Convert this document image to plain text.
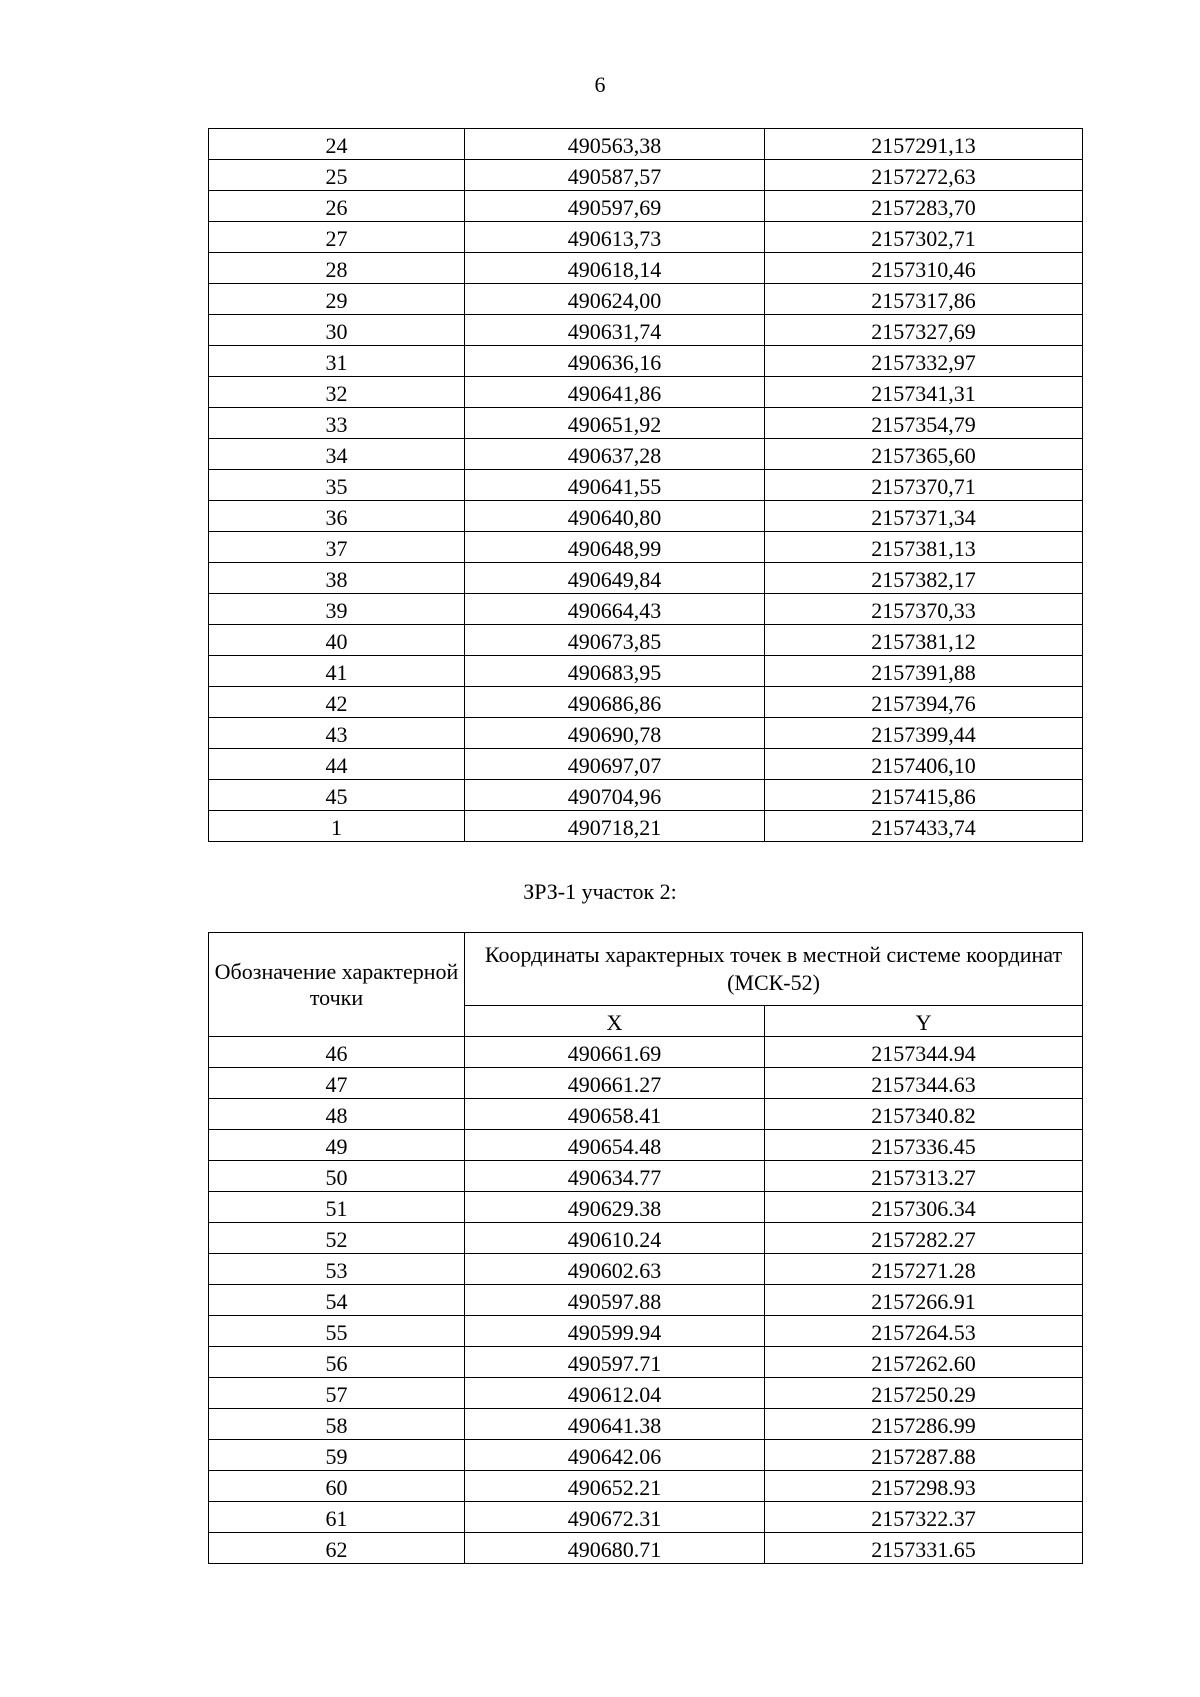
6
24	490563,38	2157291,13
25	490587,57	2157272,63
26	490597,69	2157283,70
27	490613,73	2157302,71
28	490618,14	2157310,46
29	490624,00	2157317,86
30	490631,74	2157327,69
31	490636,16	2157332,97
32	490641,86	2157341,31
33	490651,92	2157354,79
34	490637,28	2157365,60
35	490641,55	2157370,71
36	490640,80	2157371,34
37	490648,99	2157381,13
38	490649,84	2157382,17
39	490664,43	2157370,33
40	490673,85	2157381,12
41	490683,95	2157391,88
42	490686,86	2157394,76
43	490690,78	2157399,44
44	490697,07	2157406,10
45	490704,96	2157415,86
1	490718,21	2157433,74
ЗРЗ-1 участок 2:
Обозначение характерной точки	Координаты характерных точек в местной системе координат (МСК-52)	
	X	Y
46	490661.69	2157344.94
47	490661.27	2157344.63
48	490658.41	2157340.82
49	490654.48	2157336.45
50	490634.77	2157313.27
51	490629.38	2157306.34
52	490610.24	2157282.27
53	490602.63	2157271.28
54	490597.88	2157266.91
55	490599.94	2157264.53
56	490597.71	2157262.60
57	490612.04	2157250.29
58	490641.38	2157286.99
59	490642.06	2157287.88
60	490652.21	2157298.93
61	490672.31	2157322.37
62	490680.71	2157331.65
